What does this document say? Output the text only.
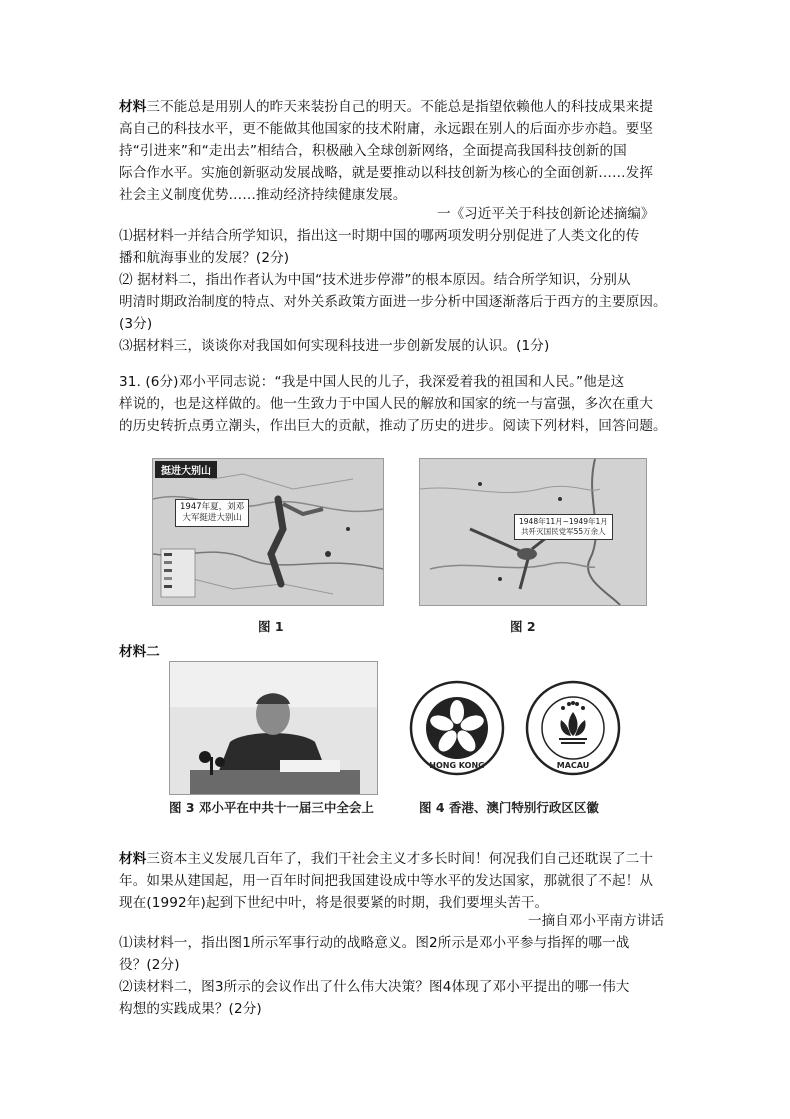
材料三不能总是用别人的昨天来装扮自己的明天。不能总是指望依赖他人的科技成果来提

高自己的科技水平，更不能做其他国家的技术附庸，永远跟在别人的后面亦步亦趋。要坚

持“引进来”和“走出去”相结合，积极融入全球创新网络，全面提高我国科技创新的国

际合作水平。实施创新驱动发展战略，就是要推动以科技创新为核心的全面创新……发挥

社会主义制度优势……推动经济持续健康发展。

一《习近平关于科技创新论述摘编》

⑴据材料一并结合所学知识，指出这一时期中国的哪两项发明分别促进了人类文化的传

播和航海事业的发展？(2分)

⑵ 据材料二，指出作者认为中国“技术进步停滞”的根本原因。结合所学知识，分别从

明清时期政治制度的特点、对外关系政策方面进一步分析中国逐渐落后于西方的主要原因。

(3分)

⑶据材料三，谈谈你对我国如何实现科技进一步创新发展的认识。(1分)

31. (6分)邓小平同志说：“我是中国人民的儿子，我深爱着我的祖国和人民。”他是这

样说的，也是这样做的。他一生致力于中国人民的解放和国家的统一与富强，多次在重大

的历史转折点勇立潮头，作出巨大的贡献，推动了历史的进步。阅读下列材料，回答问题。

挺进大别山
1947年夏，刘邓
大军挺进大别山
图 1
1948年11月~1949年1月
共歼灭国民党军55万余人
图 2
材料二
HONG KONG	MACAU
图 3 邓小平在中共十一届三中全会上	图 4 香港、澳门特别行政区区徽

材料三资本主义发展几百年了，我们干社会主义才多长时间！何况我们自己还耽误了二十

年。如果从建国起，用一百年时间把我国建设成中等水平的发达国家，那就很了不起！从

现在(1992年)起到下世纪中叶，将是很要紧的时期，我们要埋头苦干。

一摘自邓小平南方讲话

⑴读材料一，指出图1所示军事行动的战略意义。图2所示是邓小平参与指挥的哪一战

役？(2分)

⑵读材料二，图3所示的会议作出了什么伟大决策？图4体现了邓小平提出的哪一伟大

构想的实践成果？(2分)
